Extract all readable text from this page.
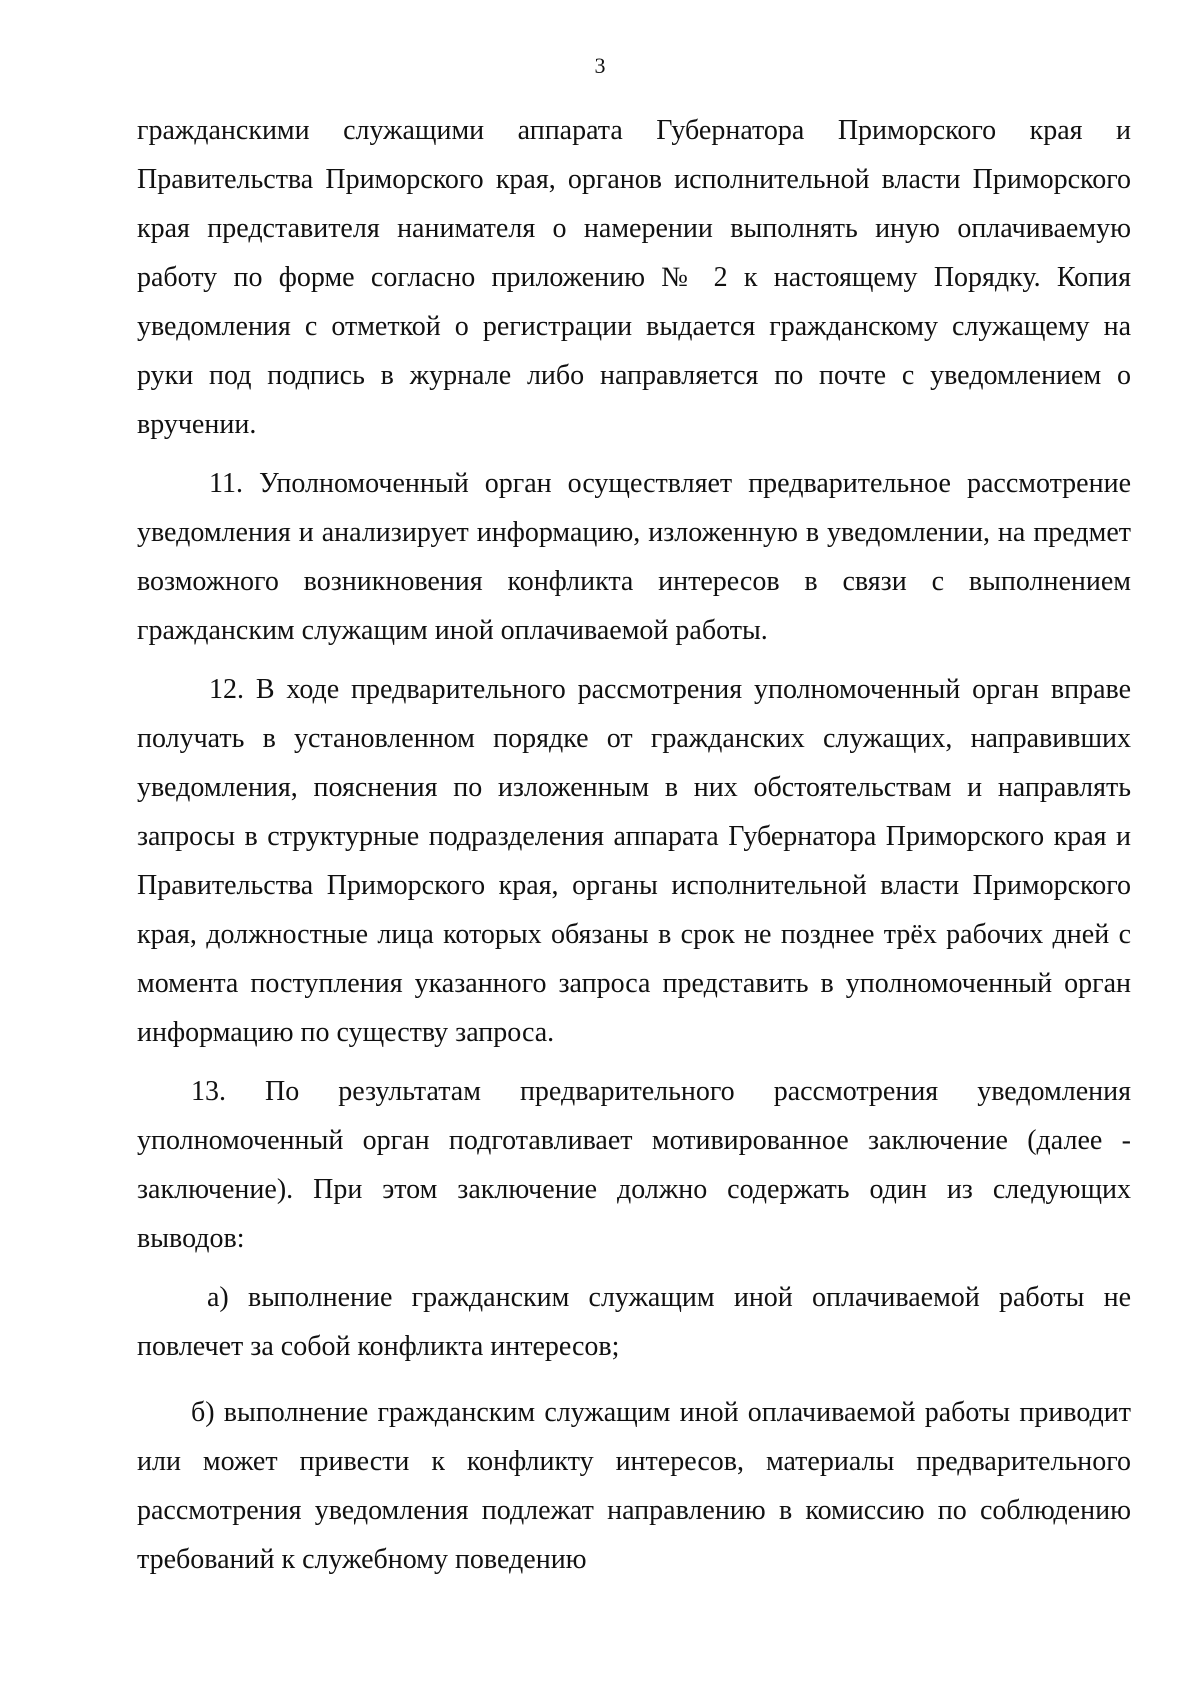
3

гражданскими служащими аппарата Губернатора Приморского края и Правительства Приморского края, органов исполнительной власти Приморского края представителя нанимателя о намерении выполнять иную оплачиваемую работу по форме согласно приложению № 2 к настоящему Порядку. Копия уведомления с отметкой о регистрации выдается гражданскому служащему на руки под подпись в журнале либо направляется по почте с уведомлением о вручении.

11. Уполномоченный орган осуществляет предварительное рассмотрение уведомления и анализирует информацию, изложенную в уведомлении, на предмет возможного возникновения конфликта интересов в связи с выполнением гражданским служащим иной оплачиваемой работы.

12. В ходе предварительного рассмотрения уполномоченный орган вправе получать в установленном порядке от гражданских служащих, направивших уведомления, пояснения по изложенным в них обстоятельствам и направлять запросы в структурные подразделения аппарата Губернатора Приморского края и Правительства Приморского края, органы исполнительной власти Приморского края, должностные лица которых обязаны в срок не позднее трёх рабочих дней с момента поступления указанного запроса представить в уполномоченный орган информацию по существу запроса.

13. По результатам предварительного рассмотрения уведомления уполномоченный орган подготавливает мотивированное заключение (далее - заключение). При этом заключение должно содержать один из следующих выводов:

а) выполнение гражданским служащим иной оплачиваемой работы не повлечет за собой конфликта интересов;

б) выполнение гражданским служащим иной оплачиваемой работы приводит или может привести к конфликту интересов, материалы предварительного рассмотрения уведомления подлежат направлению в комиссию по соблюдению требований к служебному поведению
